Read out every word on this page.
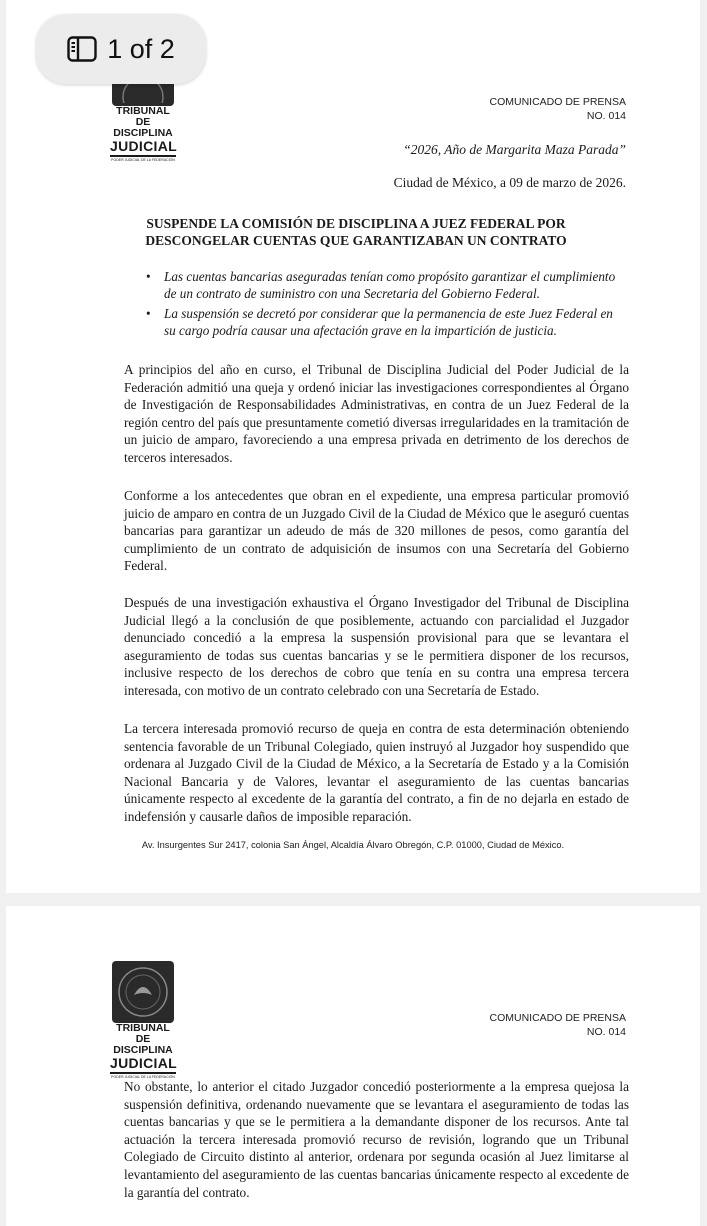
1 of 2
TRIBUNAL DE
DISCIPLINA
JUDICIAL
PODER JUDICIAL DE LA FEDERACIÓN
COMUNICADO DE PRENSA
NO. 014
“2026, Año de Margarita Maza Parada”
Ciudad de México, a 09 de marzo de 2026.
SUSPENDE LA COMISIÓN DE DISCIPLINA A JUEZ FEDERAL POR
DESCONGELAR CUENTAS QUE GARANTIZABAN UN CONTRATO
• Las cuentas bancarias aseguradas tenían como propósito garantizar el cumplimiento de un contrato de suministro con una Secretaria del Gobierno Federal.
• La suspensión se decretó por considerar que la permanencia de este Juez Federal en su cargo podría causar una afectación grave en la impartición de justicia.

A principios del año en curso, el Tribunal de Disciplina Judicial del Poder Judicial de la Federación admitió una queja y ordenó iniciar las investigaciones correspondientes al Órgano de Investigación de Responsabilidades Administrativas, en contra de un Juez Federal de la región centro del país que presuntamente cometió diversas irregularidades en la tramitación de un juicio de amparo, favoreciendo a una empresa privada en detrimento de los derechos de terceros interesados.

Conforme a los antecedentes que obran en el expediente, una empresa particular promovió juicio de amparo en contra de un Juzgado Civil de la Ciudad de México que le aseguró cuentas bancarias para garantizar un adeudo de más de 320 millones de pesos, como garantía del cumplimiento de un contrato de adquisición de insumos con una Secretaría del Gobierno Federal.

Después de una investigación exhaustiva el Órgano Investigador del Tribunal de Disciplina Judicial llegó a la conclusión de que posiblemente, actuando con parcialidad el Juzgador denunciado concedió a la empresa la suspensión provisional para que se levantara el aseguramiento de todas sus cuentas bancarias y se le permitiera disponer de los recursos, inclusive respecto de los derechos de cobro que tenía en su contra una empresa tercera interesada, con motivo de un contrato celebrado con una Secretaría de Estado.

La tercera interesada promovió recurso de queja en contra de esta determinación obteniendo sentencia favorable de un Tribunal Colegiado, quien instruyó al Juzgador hoy suspendido que ordenara al Juzgado Civil de la Ciudad de México, a la Secretaría de Estado y a la Comisión Nacional Bancaria y de Valores, levantar el aseguramiento de las cuentas bancarias únicamente respecto al excedente de la garantía del contrato, a fin de no dejarla en estado de indefensión y causarle daños de imposible reparación.

Av. Insurgentes Sur 2417, colonia San Ángel, Alcaldía Álvaro Obregón, C.P. 01000, Ciudad de México.
TRIBUNAL DE
DISCIPLINA
JUDICIAL
PODER JUDICIAL DE LA FEDERACIÓN
COMUNICADO DE PRENSA
NO. 014

No obstante, lo anterior el citado Juzgador concedió posteriormente a la empresa quejosa la suspensión definitiva, ordenando nuevamente que se levantara el aseguramiento de todas las cuentas bancarias y que se le permitiera a la demandante disponer de los recursos. Ante tal actuación la tercera interesada promovió recurso de revisión, logrando que un Tribunal Colegiado de Circuito distinto al anterior, ordenara por segunda ocasión al Juez limitarse al levantamiento del aseguramiento de las cuentas bancarias únicamente respecto al excedente de la garantía del contrato.
